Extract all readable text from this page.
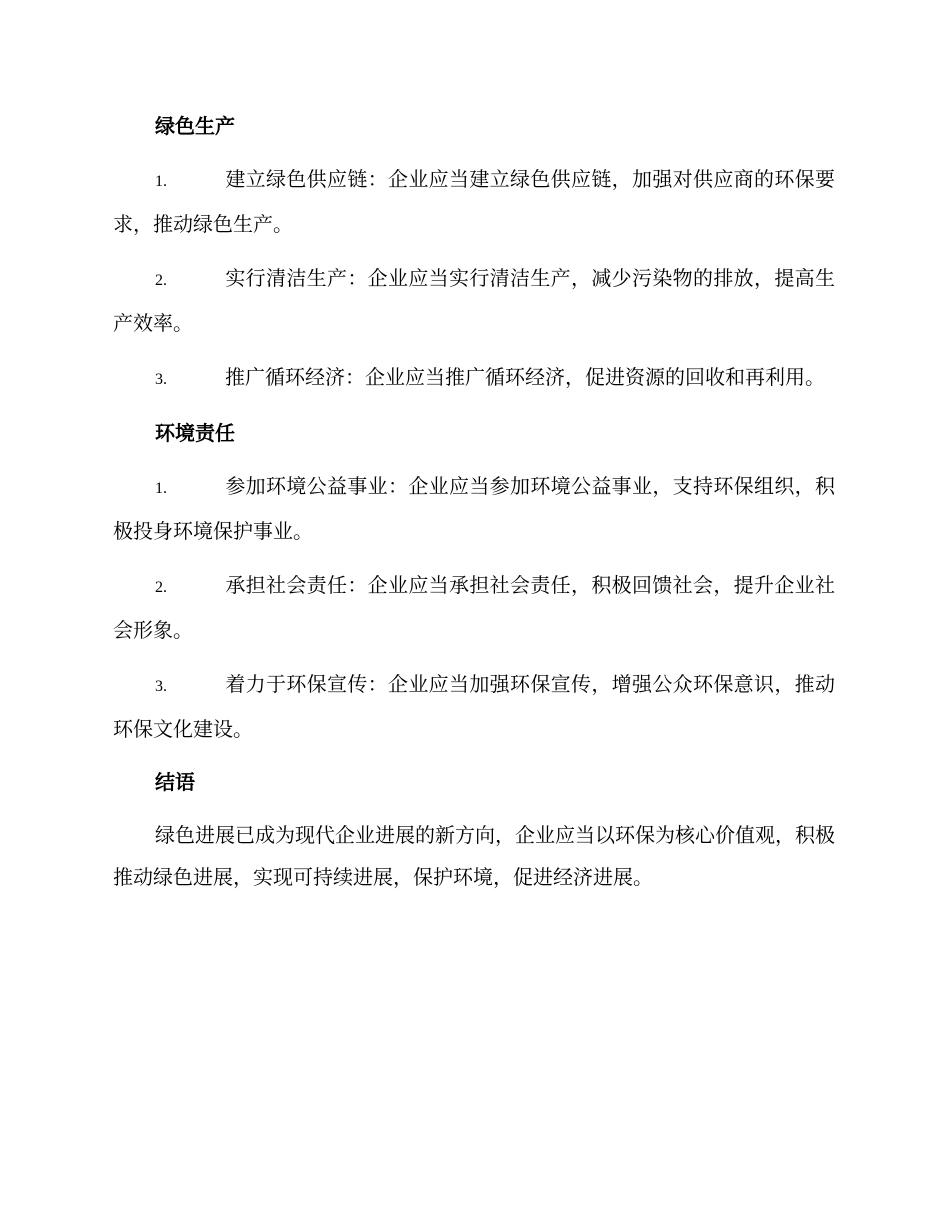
绿色生产

1.	建立绿色供应链：企业应当建立绿色供应链，加强对供应商的环保要求，推动绿色生产。

2.	实行清洁生产：企业应当实行清洁生产，减少污染物的排放，提高生产效率。

3.	推广循环经济：企业应当推广循环经济，促进资源的回收和再利用。

环境责任

1.	参加环境公益事业：企业应当参加环境公益事业，支持环保组织，积极投身环境保护事业。

2.	承担社会责任：企业应当承担社会责任，积极回馈社会，提升企业社会形象。

3.	着力于环保宣传：企业应当加强环保宣传，增强公众环保意识，推动环保文化建设。

结语

绿色进展已成为现代企业进展的新方向，企业应当以环保为核心价值观，积极推动绿色进展，实现可持续进展，保护环境，促进经济进展。
